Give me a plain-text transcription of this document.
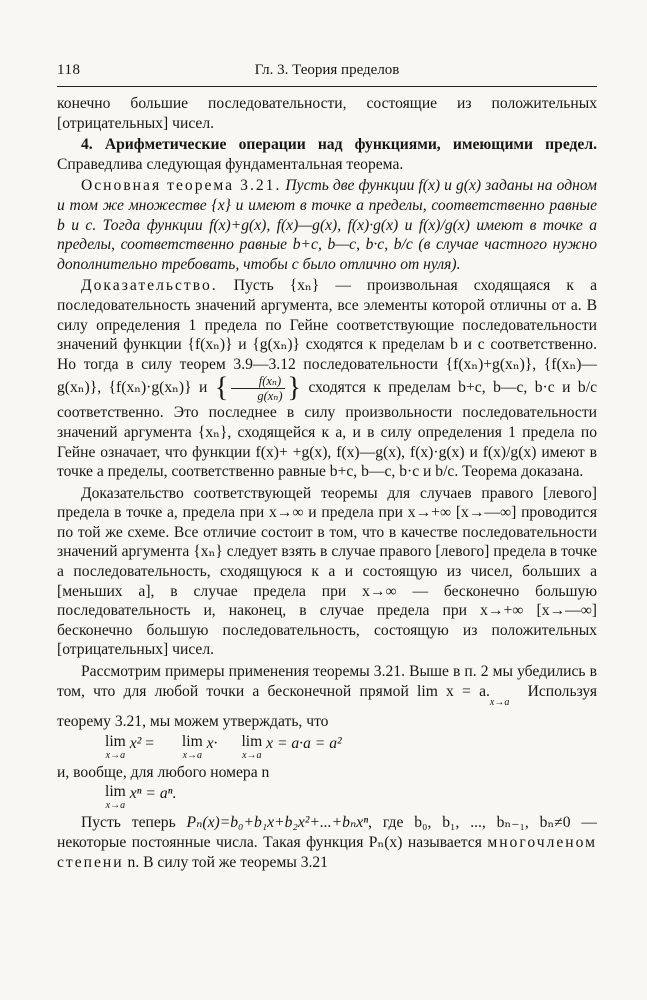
118	Гл. 3. Теория пределов

конечно большие последовательности, состоящие из положительных [отрицательных] чисел.

4. Арифметические операции над функциями, имеющими предел. Справедлива следующая фундаментальная теорема.

Основная теорема 3.21. Пусть две функции f(x) и g(x) заданы на одном и том же множестве {x} и имеют в точке a пределы, соответственно равные b и c. Тогда функции f(x)+g(x), f(x)—g(x), f(x)·g(x) и f(x)/g(x) имеют в точке a пределы, соответственно равные b+c, b—c, b·c, b/c (в случае частного нужно дополнительно требовать, чтобы c было отлично от нуля).

Доказательство. Пусть {xₙ} — произвольная сходящаяся к a последовательность значений аргумента, все элементы которой отличны от a. В силу определения 1 предела по Гейне соответствующие последовательности значений функции {f(xₙ)} и {g(xₙ)} сходятся к пределам b и c соответственно. Но тогда в силу теорем 3.9—3.12 последовательности {f(xₙ)+g(xₙ)}, {f(xₙ)—g(xₙ)}, {f(xₙ)·g(xₙ)} и { $\frac{\text{f(xₙ)}}{\text{g(xₙ)}}$ } сходятся к пределам b+c, b—c, b·c и b/c соответственно. Это последнее в силу произвольности последовательности значений аргумента {xₙ}, сходящейся к a, и в силу определения 1 предела по Гейне означает, что функции f(x)+ +g(x), f(x)—g(x), f(x)·g(x) и f(x)/g(x) имеют в точке a пределы, соответственно равные b+c, b—c, b·c и b/c. Теорема доказана.

Доказательство соответствующей теоремы для случаев правого [левого] предела в точке a, предела при x→∞ и предела при x→+∞ [x→—∞] проводится по той же схеме. Все отличие состоит в том, что в качестве последовательности значений аргумента {xₙ} следует взять в случае правого [левого] предела в точке a последовательность, сходящуюся к a и состоящую из чисел, больших a [меньших a], в случае предела при x→∞ — бесконечно большую последовательность и, наконец, в случае предела при x→+∞ [x→—∞] бесконечно большую последовательность, состоящую из положительных [отрицательных] чисел.

Рассмотрим примеры применения теоремы 3.21. Выше в п. 2 мы убедились в том, что для любой точки a бесконечной прямой lim x = a.x→a Используя теорему 3.21, мы можем утверждать, что

lim
x→a
x² = lim
x→a
x· lim
x→a
x = a·a = a²

и, вообще, для любого номера n

lim
x→a
xⁿ = aⁿ.

Пусть теперь Pₙ(x)=b₀+b₁x+b₂x²+...+bₙxⁿ, где b₀, b₁, ..., bₙ₋₁, bₙ≠0 — некоторые постоянные числа. Такая функция Pₙ(x) называется многочленом степени n. В силу той же теоремы 3.21
